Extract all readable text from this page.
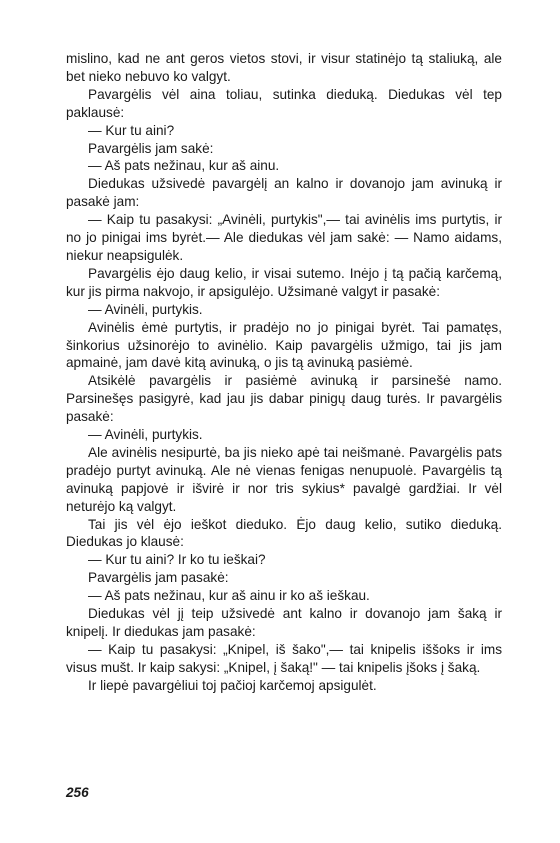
mislino, kad ne ant geros vietos stovi, ir visur statinėjo tą staliuką, ale bet nieko nebuvo ko valgyt.

Pavargėlis vėl aina toliau, sutinka dieduką. Diedukas vėl tep paklausė:

— Kur tu aini?

Pavargėlis jam sakė:

— Aš pats nežinau, kur aš ainu.

Diedukas užsivedė pavargėlį an kalno ir dovanojo jam avinuką ir pasakė jam:

— Kaip tu pasakysi: „Avinėli, purtykis",— tai avinėlis ims purtytis, ir no jo pinigai ims byrėt.— Ale diedukas vėl jam sakė: — Namo aidams, niekur neapsigulėk.

Pavargėlis ėjo daug kelio, ir visai sutemo. Inėjo į tą pačią karčemą, kur jis pirma nakvojo, ir apsigulėjo. Užsimanė valgyt ir pasakė:

— Avinėli, purtykis.

Avinėlis ėmė purtytis, ir pradėjo no jo pinigai byrėt. Tai pamatęs, šinkorius užsinorėjo to avinėlio. Kaip pavargėlis užmigo, tai jis jam apmainė, jam davė kitą avinuką, o jis tą avinuką pasiėmė.

Atsikėlė pavargėlis ir pasiėmė avinuką ir parsinešė namo. Parsinešęs pasigyrė, kad jau jis dabar pinigų daug turės. Ir pavargėlis pasakė:

— Avinėli, purtykis.

Ale avinėlis nesipurtė, ba jis nieko apė tai neišmanė. Pavargėlis pats pradėjo purtyt avinuką. Ale nė vienas fenigas nenupuolė. Pavargėlis tą avinuką papjovė ir išvirė ir nor tris sykius* pavalgė gardžiai. Ir vėl neturėjo ką valgyt.

Tai jis vėl ėjo ieškot dieduko. Ėjo daug kelio, sutiko dieduką. Diedukas jo klausė:

— Kur tu aini? Ir ko tu ieškai?

Pavargėlis jam pasakė:

— Aš pats nežinau, kur aš ainu ir ko aš ieškau.

Diedukas vėl jį teip užsivedė ant kalno ir dovanojo jam šaką ir knipelį. Ir diedukas jam pasakė:

— Kaip tu pasakysi: „Knipel, iš šako",— tai knipelis iššoks ir ims visus mušt. Ir kaip sakysi: „Knipel, į šaką!" — tai knipelis įšoks į šaką.

Ir liepė pavargėliui toj pačioj karčemoj apsigulėt.

256
